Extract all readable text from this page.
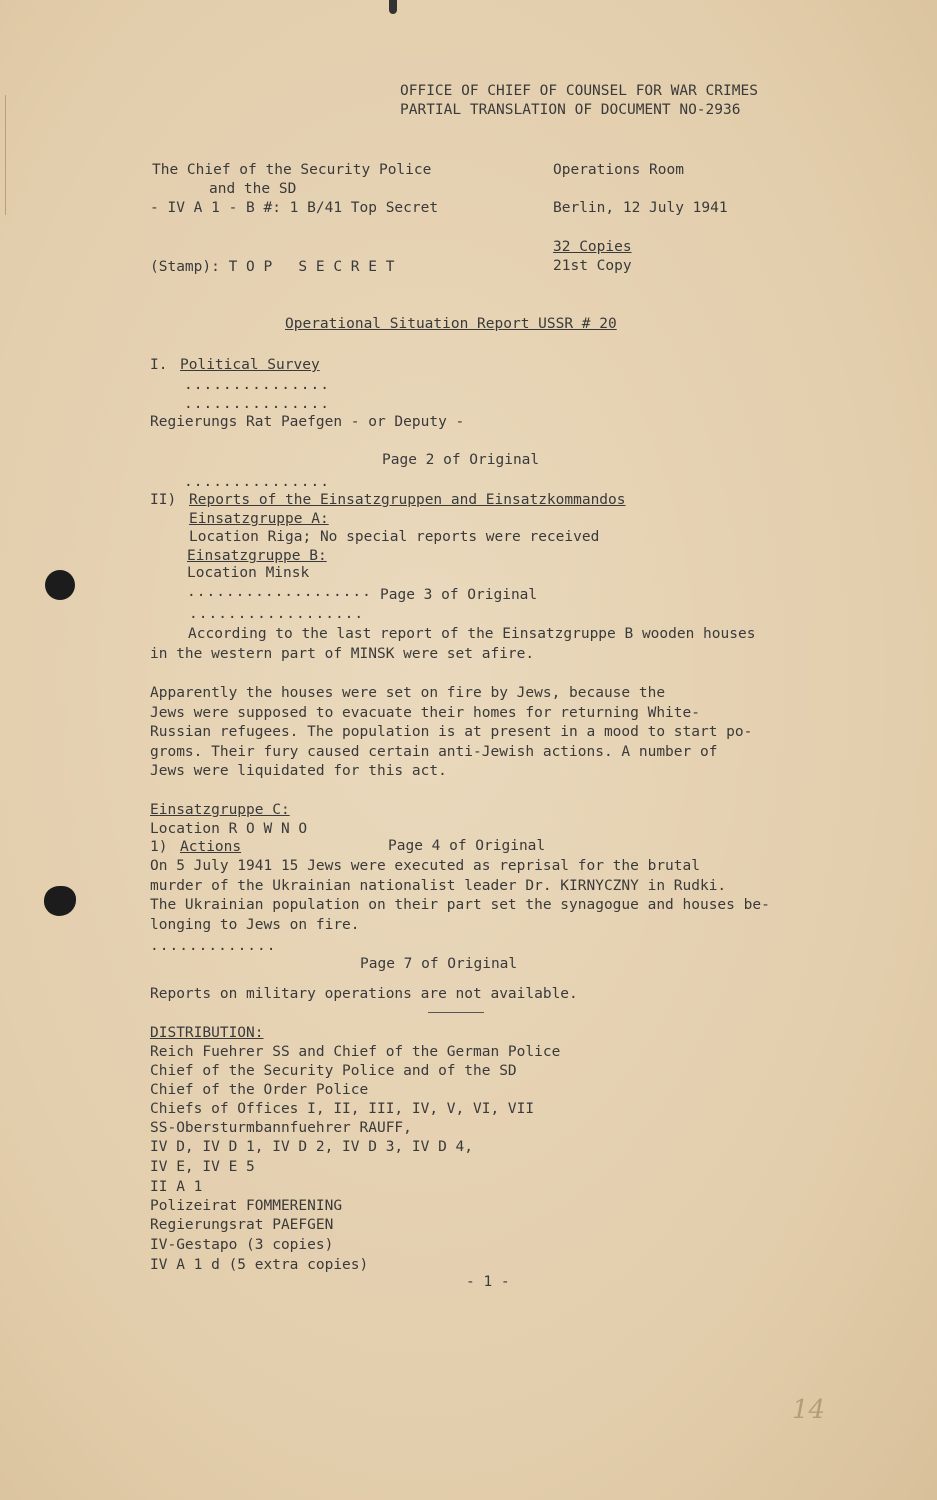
OFFICE OF CHIEF OF COUNSEL FOR WAR CRIMES
PARTIAL TRANSLATION OF DOCUMENT NO-2936
The Chief of the Security Police
and the SD
- IV A 1 - B #: 1 B/41 Top Secret
Operations Room
Berlin, 12 July 1941
32 Copies
21st Copy
(Stamp): T O P   S E C R E T
Operational Situation Report USSR # 20
I. Political Survey
...............
...............
Regierungs Rat Paefgen - or Deputy -
Page 2 of Original
...............
II) Reports of the Einsatzgruppen and Einsatzkommandos
Einsatzgruppe A:
Location Riga; No special reports were received
Einsatzgruppe B:
Location Minsk
................... Page 3 of Original
..................
According to the last report of the Einsatzgruppe B wooden houses
in the western part of MINSK were set afire.
Apparently the houses were set on fire by Jews, because the
Jews were supposed to evacuate their homes for returning White-
Russian refugees. The population is at present in a mood to start po-
groms. Their fury caused certain anti-Jewish actions. A number of
Jews were liquidated for this act.
Einsatzgruppe C:
Location R O W N O
1) Actions	Page 4 of Original
On 5 July 1941 15 Jews were executed as reprisal for the brutal
murder of the Ukrainian nationalist leader Dr. KIRNYCZNY in Rudki.
The Ukrainian population on their part set the synagogue and houses be-
longing to Jews on fire.
.............
Page 7 of Original
Reports on military operations are not available.
DISTRIBUTION:
Reich Fuehrer SS and Chief of the German Police
Chief of the Security Police and of the SD
Chief of the Order Police
Chiefs of Offices I, II, III, IV, V, VI, VII
SS-Obersturmbannfuehrer RAUFF,
IV D, IV D 1, IV D 2, IV D 3, IV D 4,
IV E, IV E 5
II A 1
Polizeirat FOMMERENING
Regierungsrat PAEFGEN
IV-Gestapo (3 copies)
IV A 1 d (5 extra copies)
- 1 -
14
